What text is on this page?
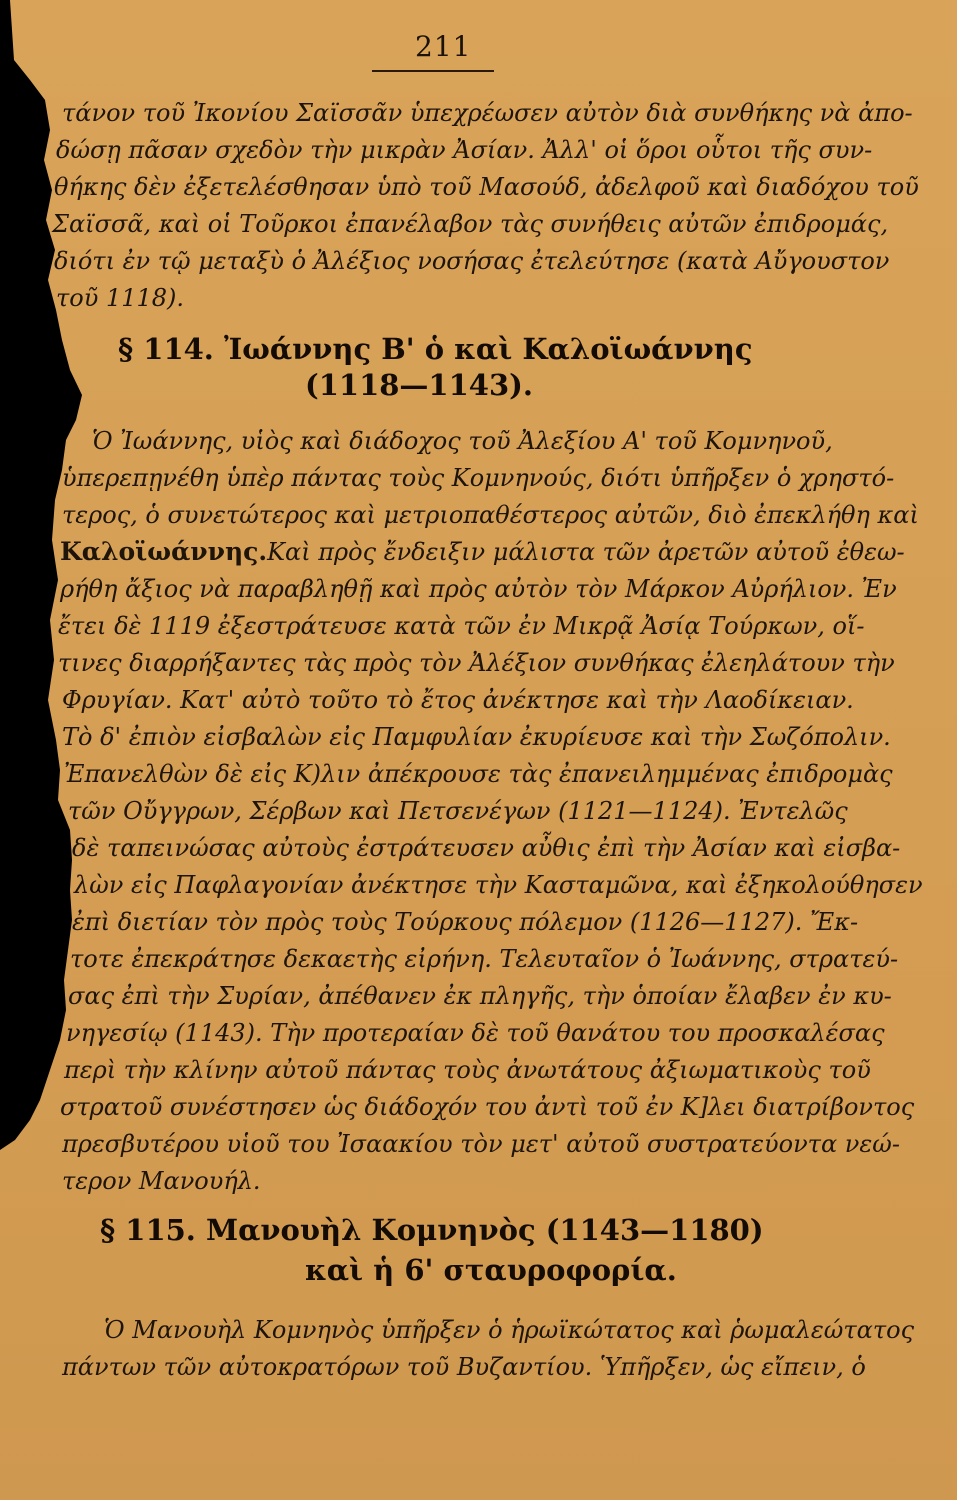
211
τάνον τοῦ Ἰκονίου Σαϊσσᾶν ὑπεχρέωσεν αὐτὸν διὰ συνθήκης νὰ ἀπο-
δώσῃ πᾶσαν σχεδὸν τὴν μικρὰν Ἀσίαν. Ἀλλ' οἱ ὅροι οὗτοι τῆς συν-
θήκης δὲν ἐξετελέσθησαν ὑπὸ τοῦ Μασούδ, ἀδελφοῦ καὶ διαδόχου τοῦ
Σαϊσσᾶ, καὶ οἱ Τοῦρκοι ἐπανέλαβον τὰς συνήθεις αὐτῶν ἐπιδρομάς,
διότι ἐν τῷ μεταξὺ ὁ Ἀλέξιος νοσήσας ἐτελεύτησε (κατὰ Αὔγουστον
τοῦ 1118).
§ 114. Ἰωάννης Β' ὁ καὶ Καλοϊωάννης
(1118—1143).
Ὁ Ἰωάννης, υἱὸς καὶ διάδοχος τοῦ Ἀλεξίου Α' τοῦ Κομνηνοῦ,
ὑπερεπῃνέθη ὑπὲρ πάντας τοὺς Κομνηνούς, διότι ὑπῆρξεν ὁ χρηστό-
τερος, ὁ συνετώτερος καὶ μετριοπαθέστερος αὐτῶν, διὸ ἐπεκλήθη καὶ
Καλοϊωάννης.Καὶ πρὸς ἔνδειξιν μάλιστα τῶν ἀρετῶν αὐτοῦ ἐθεω-
ρήθη ἄξιος νὰ παραβληθῇ καὶ πρὸς αὐτὸν τὸν Μάρκον Αὐρήλιον. Ἐν
ἔτει δὲ 1119 ἐξεστράτευσε κατὰ τῶν ἐν Μικρᾷ Ἀσίᾳ Τούρκων, οἵ-
τινες διαρρήξαντες τὰς πρὸς τὸν Ἀλέξιον συνθήκας ἐλεηλάτουν τὴν
Φρυγίαν. Κατ' αὐτὸ τοῦτο τὸ ἔτος ἀνέκτησε καὶ τὴν Λαοδίκειαν.
Τὸ δ' ἐπιὸν εἰσβαλὼν εἰς Παμφυλίαν ἐκυρίευσε καὶ τὴν Σωζόπολιν.
Ἐπανελθὼν δὲ εἰς Κ)λιν ἀπέκρουσε τὰς ἐπανειλημμένας ἐπιδρομὰς
τῶν Οὔγγρων, Σέρβων καὶ Πετσενέγων (1121—1124). Ἐντελῶς
δὲ ταπεινώσας αὐτοὺς ἐστράτευσεν αὖθις ἐπὶ τὴν Ἀσίαν καὶ εἰσβα-
λὼν εἰς Παφλαγονίαν ἀνέκτησε τὴν Κασταμῶνα, καὶ ἐξηκολούθησεν
ἐπὶ διετίαν τὸν πρὸς τοὺς Τούρκους πόλεμον (1126—1127). Ἔκ-
τοτε ἐπεκράτησε δεκαετὴς εἰρήνη. Τελευταῖον ὁ Ἰωάννης, στρατεύ-
σας ἐπὶ τὴν Συρίαν, ἀπέθανεν ἐκ πληγῆς, τὴν ὁποίαν ἔλαβεν ἐν κυ-
νηγεσίῳ (1143). Τὴν προτεραίαν δὲ τοῦ θανάτου του προσκαλέσας
περὶ τὴν κλίνην αὐτοῦ πάντας τοὺς ἀνωτάτους ἀξιωματικοὺς τοῦ
στρατοῦ συνέστησεν ὡς διάδοχόν του ἀντὶ τοῦ ἐν Κ]λει διατρίβοντος
πρεσβυτέρου υἱοῦ του Ἰσαακίου τὸν μετ' αὐτοῦ συστρατεύοντα νεώ-
τερον Μανουήλ.
§ 115. Μανουὴλ Κομνηνὸς (1143—1180)
καὶ ἡ 6' σταυροφορία.
Ὁ Μανουὴλ Κομνηνὸς ὑπῆρξεν ὁ ἡρωϊκώτατος καὶ ῥωμαλεώτατος
πάντων τῶν αὐτοκρατόρων τοῦ Βυζαντίου. Ὑπῆρξεν, ὡς εἴπειν, ὁ
